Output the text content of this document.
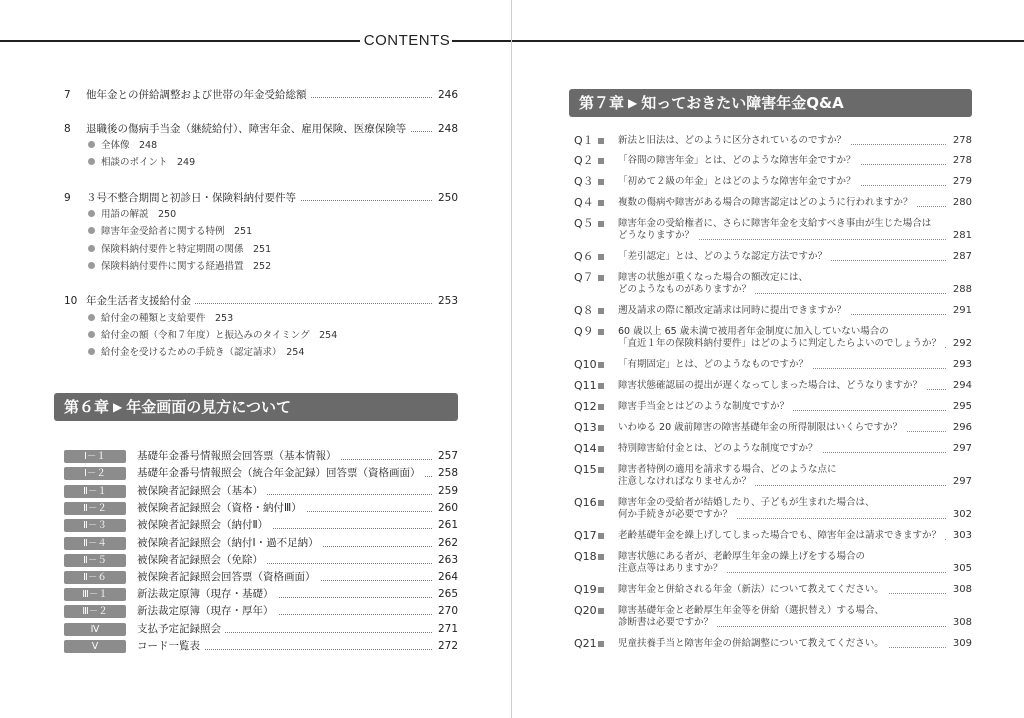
CONTENTS
7 他年金との併給調整および世帯の年金受給総額	246
8 退職後の傷病手当金（継続給付）、障害年金、雇用保険、医療保険等	248
全体像　248
相談のポイント　249
9 ３号不整合期間と初診日・保険料納付要件等	250
用語の解説　250
障害年金受給者に関する特例　251
保険料納付要件と特定期間の関係　251
保険料納付要件に関する経過措置　252
10 年金生活者支援給付金	253
給付金の種類と支給要件　253
給付金の額（令和７年度）と振込みのタイミング　254
給付金を受けるための手続き（認定請求）　254
第６章 ▶ 年金画面の見方について
Ⅰ－１	基礎年金番号情報照会回答票（基本情報）	257
Ⅰ－２	基礎年金番号情報照会（統合年金記録）回答票（資格画面）	258
Ⅱ－１	被保険者記録照会（基本）	259
Ⅱ－２	被保険者記録照会（資格・納付Ⅲ）	260
Ⅱ－３	被保険者記録照会（納付Ⅱ）	261
Ⅱ－４	被保険者記録照会（納付Ⅰ・過不足納）	262
Ⅱ－５	被保険者記録照会（免除）	263
Ⅱ－６	被保険者記録照会回答票（資格画面）	264
Ⅲ－１	新法裁定原簿（現存・基礎）	265
Ⅲ－２	新法裁定原簿（現存・厚年）	270
Ⅳ	支払予定記録照会	271
Ⅴ	コード一覧表	272
第７章 ▶ 知っておきたい障害年金Q&A
Q１	新法と旧法は、どのように区分されているのですか？	278
Q２	「谷間の障害年金」とは、どのような障害年金ですか？	278
Q３	「初めて２級の年金」とはどのような障害年金ですか？	279
Q４	複数の傷病や障害がある場合の障害認定はどのように行われますか？	280
Q５	障害年金の受給権者に、さらに障害年金を支給すべき事由が生じた場合は
どうなりますか？	281
Q６	「差引認定」とは、どのような認定方法ですか？	287
Q７	障害の状態が重くなった場合の額改定には、
どのようなものがありますか？	288
Q８	遡及請求の際に額改定請求は同時に提出できますか？	291
Q９	60 歳以上 65 歳未満で被用者年金制度に加入していない場合の
「直近１年の保険料納付要件」はどのように判定したらよいのでしょうか？	292
Q10 「有期固定」とは、どのようなものですか？	293
Q11 障害状態確認届の提出が遅くなってしまった場合は、どうなりますか？	294
Q12 障害手当金とはどのような制度ですか？	295
Q13 いわゆる 20 歳前障害の障害基礎年金の所得制限はいくらですか？	296
Q14 特別障害給付金とは、どのような制度ですか？	297
Q15 障害者特例の適用を請求する場合、どのような点に
注意しなければなりませんか？	297
Q16 障害年金の受給者が結婚したり、子どもが生まれた場合は、
何か手続きが必要ですか？	302
Q17 老齢基礎年金を繰上げしてしまった場合でも、障害年金は請求できますか？	303
Q18 障害状態にある者が、老齢厚生年金の繰上げをする場合の
注意点等はありますか？	305
Q19 障害年金と併給される年金（新法）について教えてください。	308
Q20 障害基礎年金と老齢厚生年金等を併給（選択替え）する場合、
診断書は必要ですか？	308
Q21 児童扶養手当と障害年金の併給調整について教えてください。	309
